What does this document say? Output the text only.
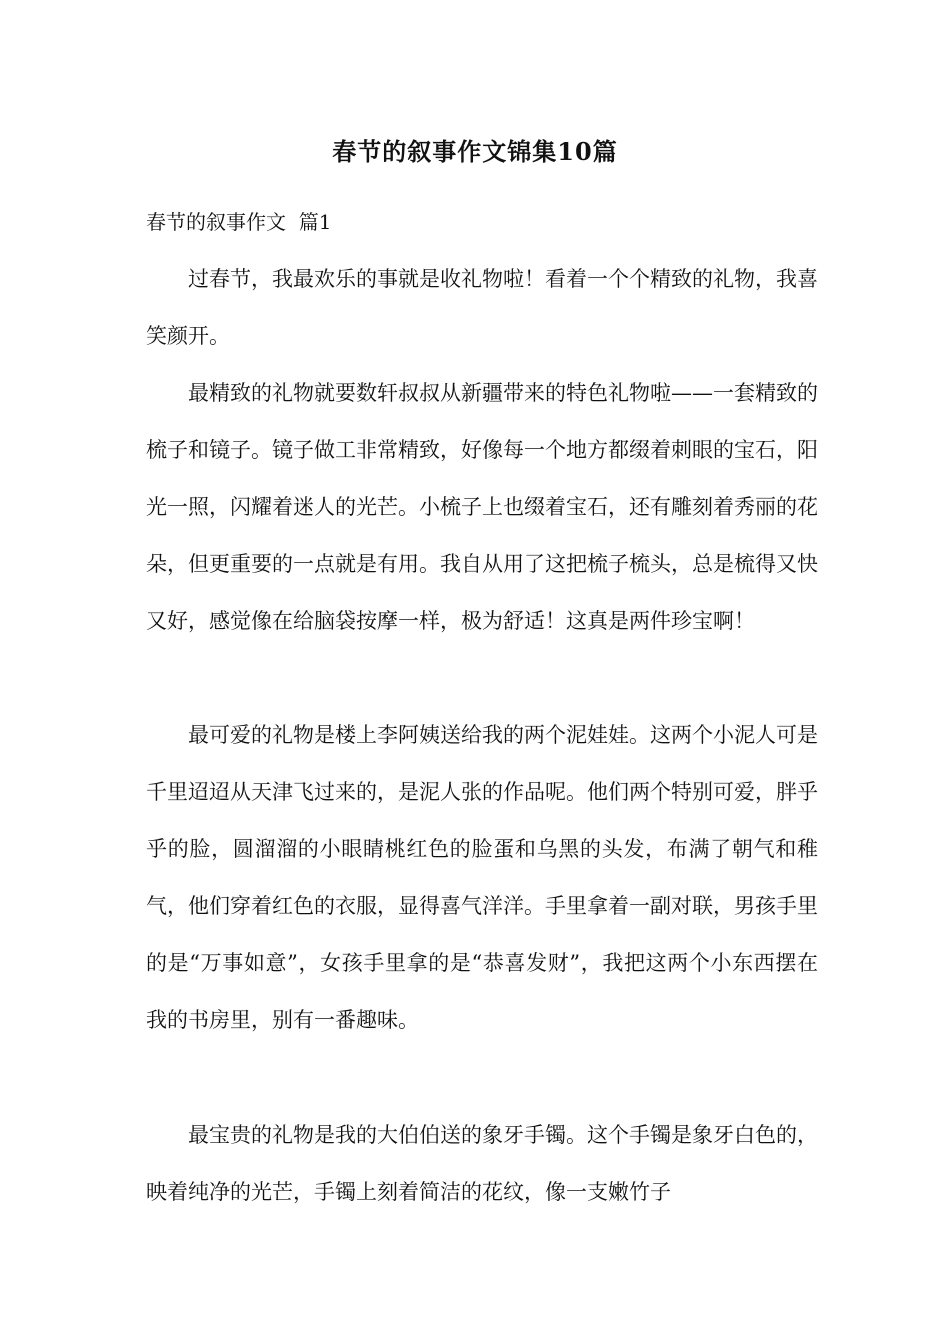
春节的叙事作文锦集10篇
春节的叙事作文  篇1

过春节，我最欢乐的事就是收礼物啦！看着一个个精致的礼物，我喜笑颜开。

最精致的礼物就要数轩叔叔从新疆带来的特色礼物啦——一套精致的梳子和镜子。镜子做工非常精致，好像每一个地方都缀着刺眼的宝石，阳光一照，闪耀着迷人的光芒。小梳子上也缀着宝石，还有雕刻着秀丽的花朵，但更重要的一点就是有用。我自从用了这把梳子梳头，总是梳得又快又好，感觉像在给脑袋按摩一样，极为舒适！这真是两件珍宝啊！

最可爱的礼物是楼上李阿姨送给我的两个泥娃娃。这两个小泥人可是千里迢迢从天津飞过来的，是泥人张的作品呢。他们两个特别可爱，胖乎乎的脸，圆溜溜的小眼睛桃红色的脸蛋和乌黑的头发，布满了朝气和稚气，他们穿着红色的衣服，显得喜气洋洋。手里拿着一副对联，男孩手里的是“万事如意”，女孩手里拿的是“恭喜发财”，我把这两个小东西摆在我的书房里，别有一番趣味。

最宝贵的礼物是我的大伯伯送的象牙手镯。这个手镯是象牙白色的，映着纯净的光芒，手镯上刻着简洁的花纹，像一支嫩竹子
